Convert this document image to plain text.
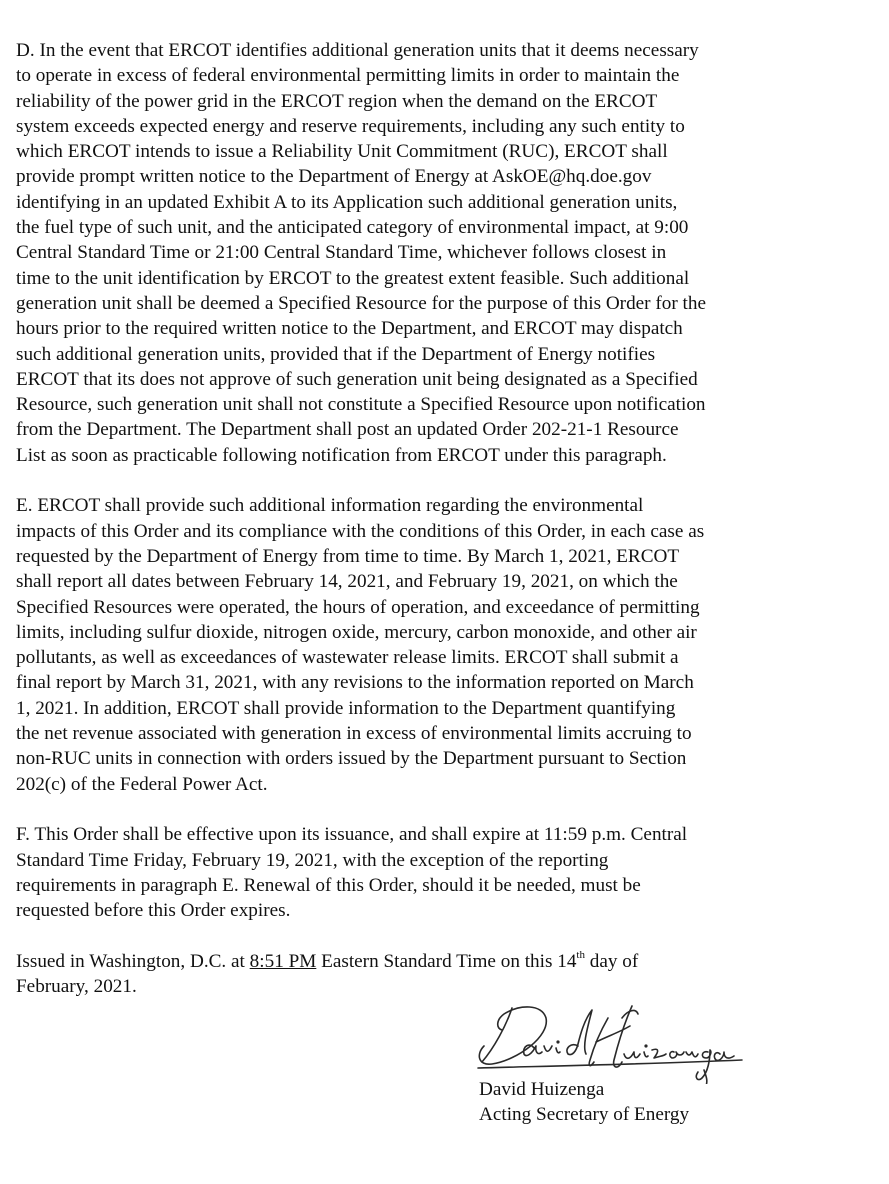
D. In the event that ERCOT identifies additional generation units that it deems necessary
to operate in excess of federal environmental permitting limits in order to maintain the
reliability of the power grid in the ERCOT region when the demand on the ERCOT
system exceeds expected energy and reserve requirements, including any such entity to
which ERCOT intends to issue a Reliability Unit Commitment (RUC), ERCOT shall
provide prompt written notice to the Department of Energy at AskOE@hq.doe.gov
identifying in an updated Exhibit A to its Application such additional generation units,
the fuel type of such unit, and the anticipated category of environmental impact, at 9:00
Central Standard Time or 21:00 Central Standard Time, whichever follows closest in
time to the unit identification by ERCOT to the greatest extent feasible. Such additional
generation unit shall be deemed a Specified Resource for the purpose of this Order for the
hours prior to the required written notice to the Department, and ERCOT may dispatch
such additional generation units, provided that if the Department of Energy notifies
ERCOT that its does not approve of such generation unit being designated as a Specified
Resource, such generation unit shall not constitute a Specified Resource upon notification
from the Department. The Department shall post an updated Order 202-21-1 Resource
List as soon as practicable following notification from ERCOT under this paragraph.

E. ERCOT shall provide such additional information regarding the environmental
impacts of this Order and its compliance with the conditions of this Order, in each case as
requested by the Department of Energy from time to time. By March 1, 2021, ERCOT
shall report all dates between February 14, 2021, and February 19, 2021, on which the
Specified Resources were operated, the hours of operation, and exceedance of permitting
limits, including sulfur dioxide, nitrogen oxide, mercury, carbon monoxide, and other air
pollutants, as well as exceedances of wastewater release limits. ERCOT shall submit a
final report by March 31, 2021, with any revisions to the information reported on March
1, 2021. In addition, ERCOT shall provide information to the Department quantifying
the net revenue associated with generation in excess of environmental limits accruing to
non-RUC units in connection with orders issued by the Department pursuant to Section
202(c) of the Federal Power Act.

F. This Order shall be effective upon its issuance, and shall expire at 11:59 p.m. Central
Standard Time Friday, February 19, 2021, with the exception of the reporting
requirements in paragraph E. Renewal of this Order, should it be needed, must be
requested before this Order expires.

Issued in Washington, D.C. at 8:51 PM Eastern Standard Time on this 14th day of
February, 2021.

David Huizenga
Acting Secretary of Energy
